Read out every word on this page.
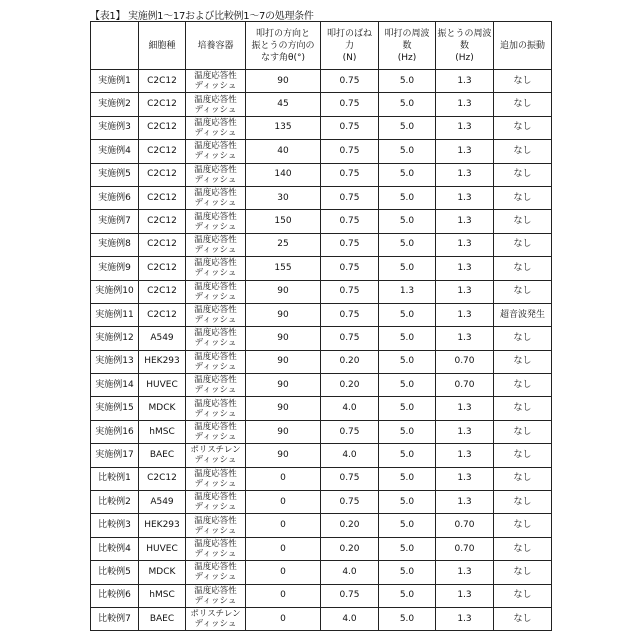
【表1】 実施例1～17および比較例1～7の処理条件
	細胞種	培養容器	叩打の方向と
振とうの方向の
なす角θ(°)	叩打のばね
力
(N)	叩打の周波
数
(Hz)	振とうの周波
数
(Hz)	追加の振動
実施例1	C2C12	温度応答性
ディッシュ	90	0.75	5.0	1.3	なし
実施例2	C2C12	温度応答性
ディッシュ	45	0.75	5.0	1.3	なし
実施例3	C2C12	温度応答性
ディッシュ	135	0.75	5.0	1.3	なし
実施例4	C2C12	温度応答性
ディッシュ	40	0.75	5.0	1.3	なし
実施例5	C2C12	温度応答性
ディッシュ	140	0.75	5.0	1.3	なし
実施例6	C2C12	温度応答性
ディッシュ	30	0.75	5.0	1.3	なし
実施例7	C2C12	温度応答性
ディッシュ	150	0.75	5.0	1.3	なし
実施例8	C2C12	温度応答性
ディッシュ	25	0.75	5.0	1.3	なし
実施例9	C2C12	温度応答性
ディッシュ	155	0.75	5.0	1.3	なし
実施例10	C2C12	温度応答性
ディッシュ	90	0.75	1.3	1.3	なし
実施例11	C2C12	温度応答性
ディッシュ	90	0.75	5.0	1.3	超音波発生
実施例12	A549	温度応答性
ディッシュ	90	0.75	5.0	1.3	なし
実施例13	HEK293	温度応答性
ディッシュ	90	0.20	5.0	0.70	なし
実施例14	HUVEC	温度応答性
ディッシュ	90	0.20	5.0	0.70	なし
実施例15	MDCK	温度応答性
ディッシュ	90	4.0	5.0	1.3	なし
実施例16	hMSC	温度応答性
ディッシュ	90	0.75	5.0	1.3	なし
実施例17	BAEC	ポリスチレン
ディッシュ	90	4.0	5.0	1.3	なし
比較例1	C2C12	温度応答性
ディッシュ	0	0.75	5.0	1.3	なし
比較例2	A549	温度応答性
ディッシュ	0	0.75	5.0	1.3	なし
比較例3	HEK293	温度応答性
ディッシュ	0	0.20	5.0	0.70	なし
比較例4	HUVEC	温度応答性
ディッシュ	0	0.20	5.0	0.70	なし
比較例5	MDCK	温度応答性
ディッシュ	0	4.0	5.0	1.3	なし
比較例6	hMSC	温度応答性
ディッシュ	0	0.75	5.0	1.3	なし
比較例7	BAEC	ポリスチレン
ディッシュ	0	4.0	5.0	1.3	なし
